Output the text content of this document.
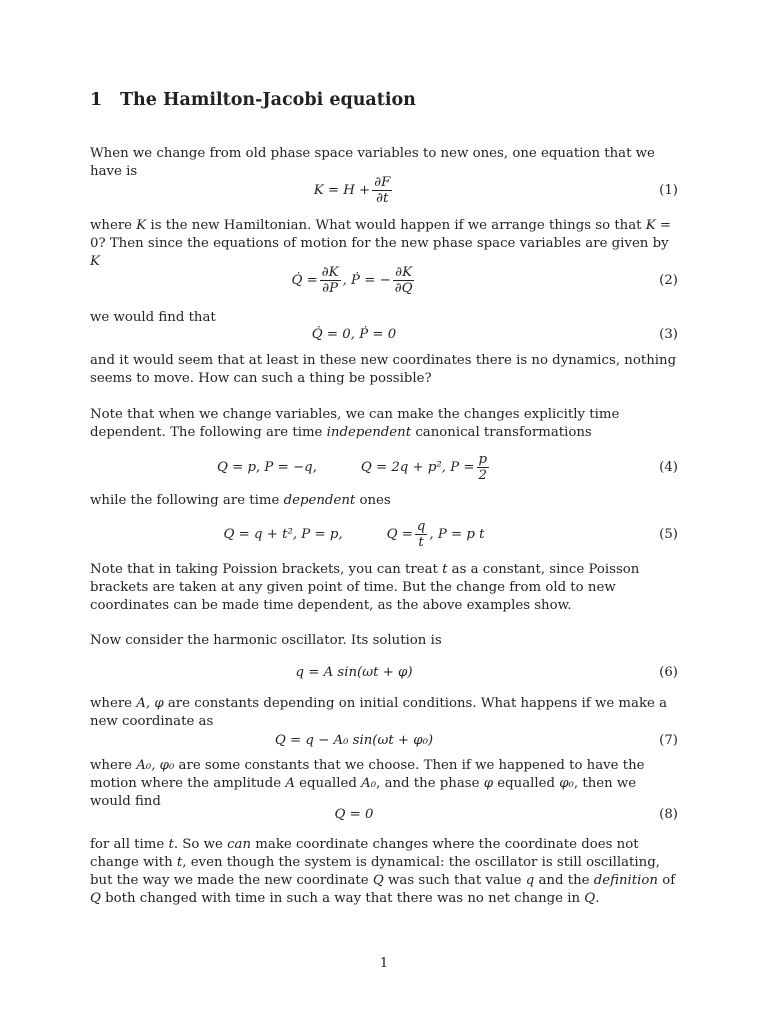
1 The Hamilton-Jacobi equation

When we change from old phase space variables to new ones, one equation that we have is

$K = H + \frac{\partial F}{\partial t}$	(1)

where K is the new Hamiltonian. What would happen if we arrange things so that K = 0? Then since the equations of motion for the new phase space variables are given by K

Q̇ = $\frac{\partial K}{\partial P}$ , Ṗ = − $\frac{\partial K}{\partial Q}$	(2)

we would find that

Q̇ = 0, Ṗ = 0	(3)

and it would seem that at least in these new coordinates there is no dynamics, nothing seems to move. How can such a thing be possible?

Note that when we change variables, we can make the changes explicitly time dependent. The following are time independent canonical transformations

Q = p, P = −q,	Q = 2q + p², $P = \frac{p}{2}$	(4)

while the following are time dependent ones

Q = q + t², P = p,	$Q = \frac{q}{t}$ , P = p t	(5)

Note that in taking Poission brackets, you can treat t as a constant, since Poisson brackets are taken at any given point of time. But the change from old to new coordinates can be made time dependent, as the above examples show.

Now consider the harmonic oscillator. Its solution is

q = A sin(ωt + φ)	(6)

where A, φ are constants depending on initial conditions. What happens if we make a new coordinate as

Q = q − A₀ sin(ωt + φ₀)	(7)

where A₀, φ₀ are some constants that we choose. Then if we happened to have the motion where the amplitude A equalled A₀, and the phase φ equalled φ₀, then we would find

Q = 0	(8)

for all time t. So we can make coordinate changes where the coordinate does not change with t, even though the system is dynamical: the oscillator is still oscillating, but the way we made the new coordinate Q was such that value q and the definition of Q both changed with time in such a way that there was no net change in Q.

1
